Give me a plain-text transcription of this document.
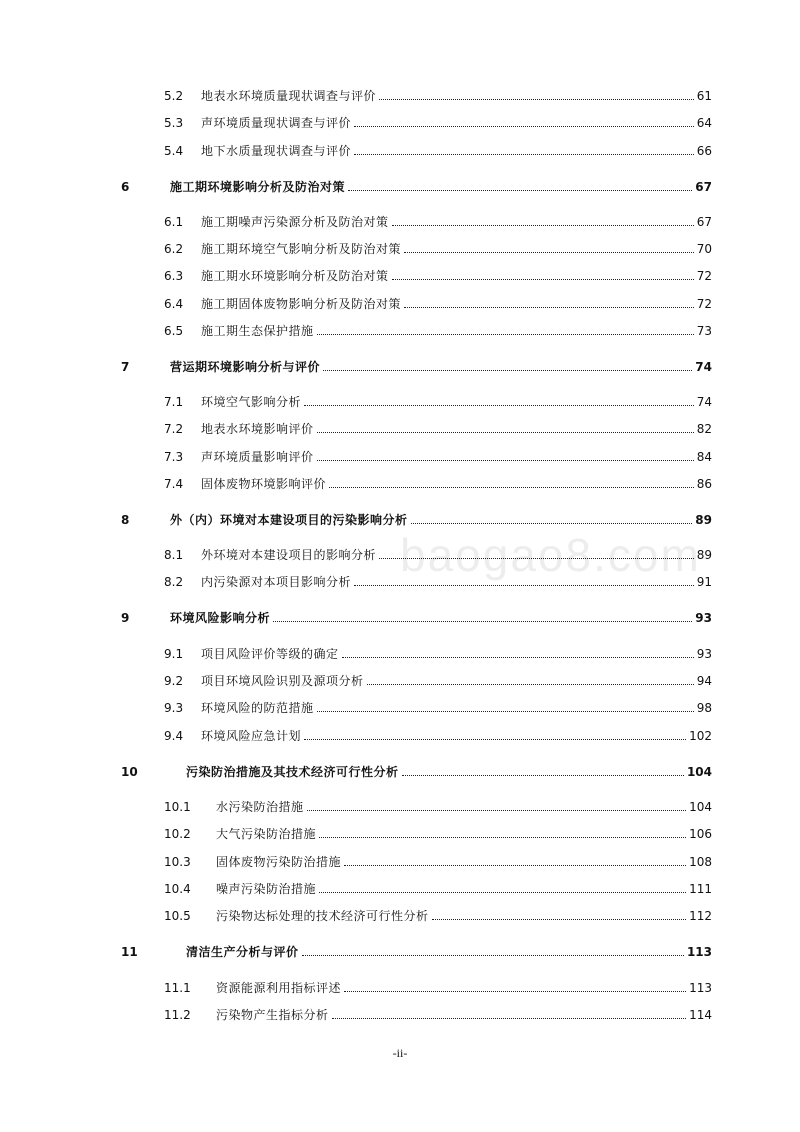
5.2 地表水环境质量现状调查与评价	61
5.3 声环境质量现状调查与评价	64
5.4 地下水质量现状调查与评价	66
6	施工期环境影响分析及防治对策	67
6.1 施工期噪声污染源分析及防治对策	67
6.2 施工期环境空气影响分析及防治对策	70
6.3 施工期水环境影响分析及防治对策	72
6.4 施工期固体废物影响分析及防治对策	72
6.5 施工期生态保护措施	73
7	营运期环境影响分析与评价	74
7.1 环境空气影响分析	74
7.2 地表水环境影响评价	82
7.3 声环境质量影响评价	84
7.4 固体废物环境影响评价	86
8	外（内）环境对本建设项目的污染影响分析	89
8.1 外环境对本建设项目的影响分析	89
8.2 内污染源对本项目影响分析	91
9	环境风险影响分析	93
9.1 项目风险评价等级的确定	93
9.2 项目环境风险识别及源项分析	94
9.3 环境风险的防范措施	98
9.4 环境风险应急计划	102
10	污染防治措施及其技术经济可行性分析	104
10.1 水污染防治措施	104
10.2 大气污染防治措施	106
10.3 固体废物污染防治措施	108
10.4 噪声污染防治措施	111
10.5 污染物达标处理的技术经济可行性分析	112
11	清洁生产分析与评价	113
11.1 资源能源利用指标评述	113
11.2 污染物产生指标分析	114
baogao8.com
-ii-
